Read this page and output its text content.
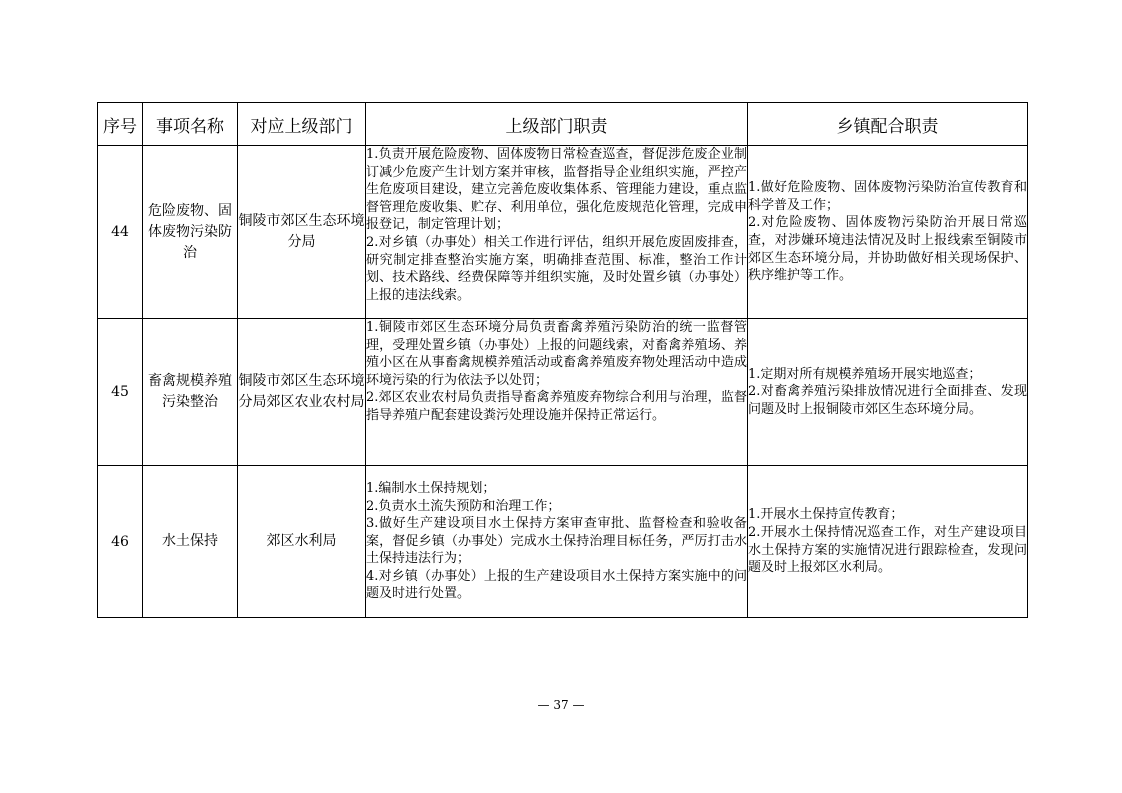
序号	事项名称	对应上级部门	上级部门职责	乡镇配合职责
44	危险废物、固体废物污染防治	铜陵市郊区生态环境分局	1.负责开展危险废物、固体废物日常检查巡查，督促涉危废企业制订减少危废产生计划方案并审核，监督指导企业组织实施，严控产生危废项目建设，建立完善危废收集体系、管理能力建设，重点监督管理危废收集、贮存、利用单位，强化危废规范化管理，完成申报登记，制定管理计划；
2.对乡镇（办事处）相关工作进行评估，组织开展危废固废排查，研究制定排查整治实施方案，明确排查范围、标准，整治工作计划、技术路线、经费保障等并组织实施，及时处置乡镇（办事处）上报的违法线索。	1.做好危险废物、固体废物污染防治宣传教育和科学普及工作；
2.对危险废物、固体废物污染防治开展日常巡查，对涉嫌环境违法情况及时上报线索至铜陵市郊区生态环境分局，并协助做好相关现场保护、秩序维护等工作。

45	畜禽规模养殖污染整治	铜陵市郊区生态环境分局郊区农业农村局	1.铜陵市郊区生态环境分局负责畜禽养殖污染防治的统一监督管理，受理处置乡镇（办事处）上报的问题线索，对畜禽养殖场、养殖小区在从事畜禽规模养殖活动或畜禽养殖废弃物处理活动中造成环境污染的行为依法予以处罚；
2.郊区农业农村局负责指导畜禽养殖废弃物综合利用与治理，监督指导养殖户配套建设粪污处理设施并保持正常运行。	1.定期对所有规模养殖场开展实地巡查；
2.对畜禽养殖污染排放情况进行全面排查、发现问题及时上报铜陵市郊区生态环境分局。

46	水土保持	郊区水利局	1.编制水土保持规划；
2.负责水土流失预防和治理工作；
3.做好生产建设项目水土保持方案审查审批、监督检查和验收备案，督促乡镇（办事处）完成水土保持治理目标任务，严厉打击水土保持违法行为；
4.对乡镇（办事处）上报的生产建设项目水土保持方案实施中的问题及时进行处置。	1.开展水土保持宣传教育；
2.开展水土保持情况巡查工作，对生产建设项目水土保持方案的实施情况进行跟踪检查，发现问题及时上报郊区水利局。
— 37 —
